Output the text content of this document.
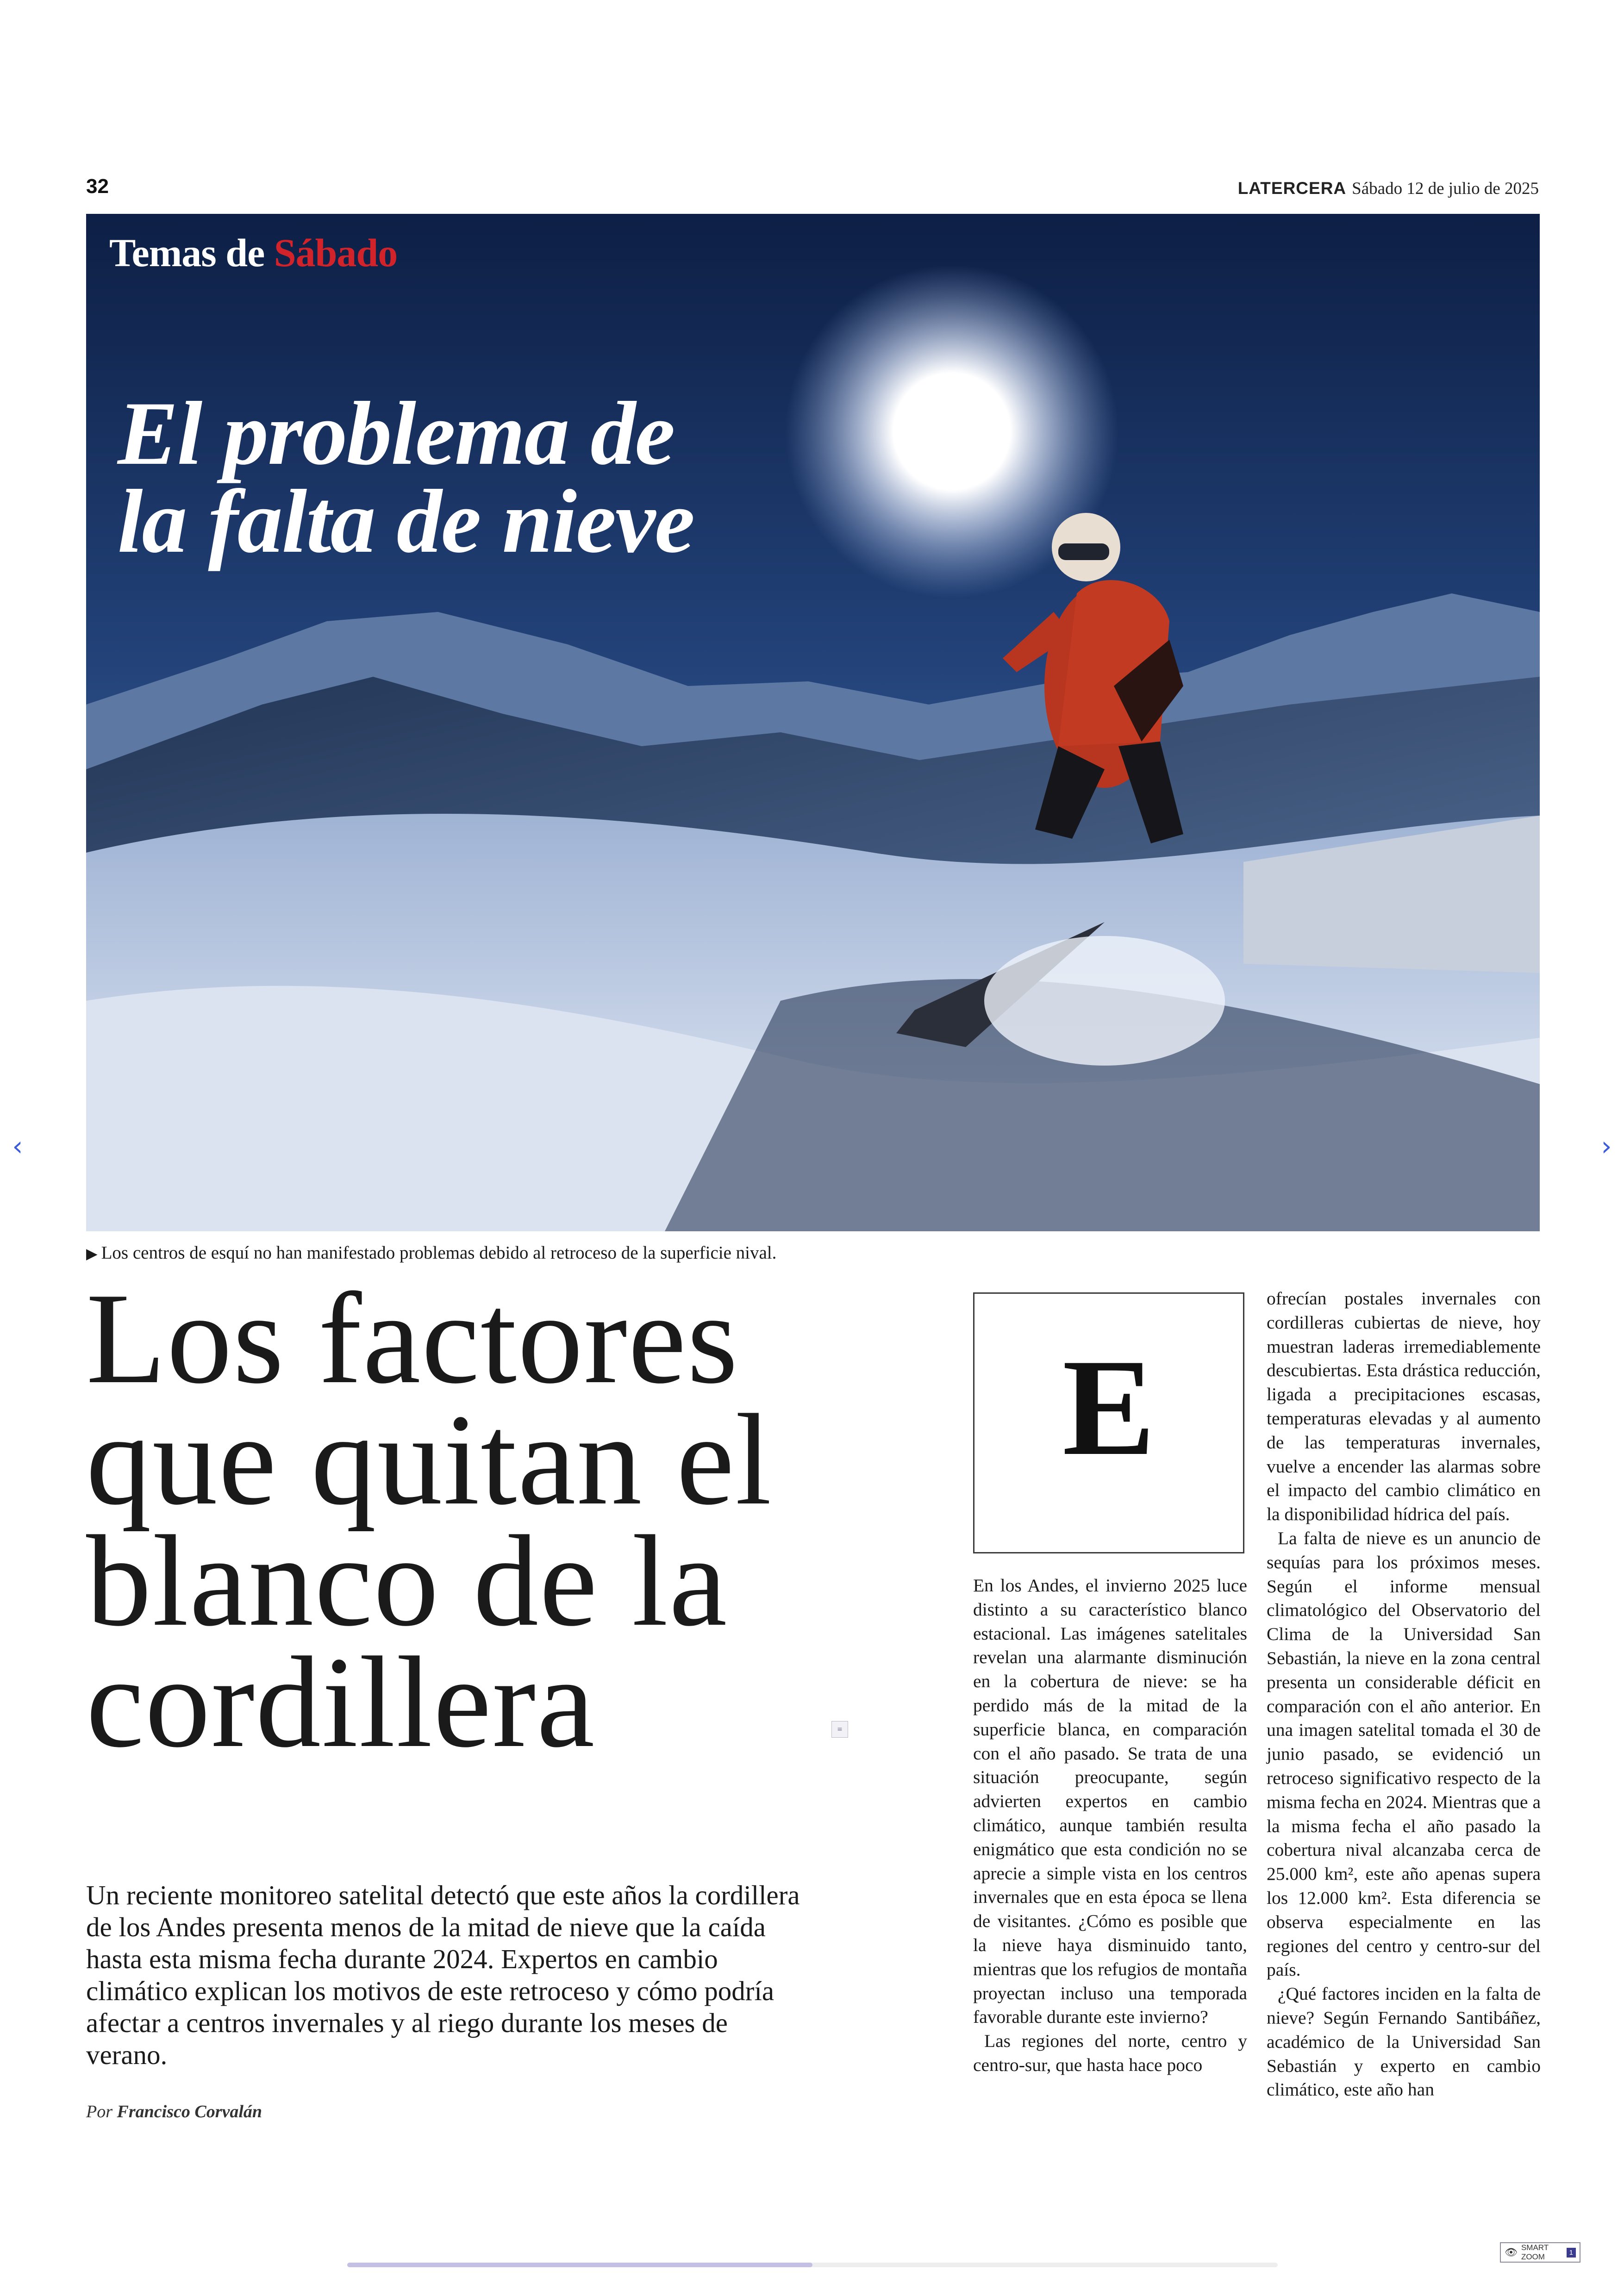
32	LATERCERA Sábado 12 de julio de 2025
Temas de Sábado
El problema de
la falta de nieve
▶ Los centros de esquí no han manifestado problemas debido al retroceso de la superficie nival.
Los factores
que quitan el
blanco de la
cordillera
Un reciente monitoreo satelital detectó que este años la cordillera de los Andes presenta menos de la mitad de nieve que la caída hasta esta misma fecha durante 2024. Expertos en cambio climático explican los motivos de este retroceso y cómo podría afectar a centros invernales y al riego durante los meses de verano.
Por Francisco Corvalán
≡
E

En los Andes, el invierno 2025 luce distinto a su característico blanco estacional. Las imágenes satelitales revelan una alarmante disminución en la cobertura de nieve: se ha perdido más de la mitad de la superficie blanca, en comparación con el año pasado. Se trata de una situación preocupante, según advierten expertos en cambio climático, aunque también resulta enigmático que esta condición no se aprecie a simple vista en los centros invernales que en esta época se llena de visitantes. ¿Cómo es posible que la nieve haya disminuido tanto, mientras que los refugios de montaña proyectan incluso una temporada favorable durante este invierno?

Las regiones del norte, centro y centro-sur, que hasta hace poco

ofrecían postales invernales con cordilleras cubiertas de nieve, hoy muestran laderas irremediablemente descubiertas. Esta drástica reducción, ligada a precipitaciones escasas, temperaturas elevadas y al aumento de las temperaturas invernales, vuelve a encender las alarmas sobre el impacto del cambio climático en la disponibilidad hídrica del país.

La falta de nieve es un anuncio de sequías para los próximos meses. Según el informe mensual climatológico del Observatorio del Clima de la Universidad San Sebastián, la nieve en la zona central presenta un considerable déficit en comparación con el año anterior. En una imagen satelital tomada el 30 de junio pasado, se evidenció un retroceso significativo respecto de la misma fecha en 2024. Mientras que a la misma fecha el año pasado la cobertura nival alcanzaba cerca de 25.000 km², este año apenas supera los 12.000 km². Esta diferencia se observa especialmente en las regiones del centro y centro-sur del país.

¿Qué factores inciden en la falta de nieve? Según Fernando Santibáñez, académico de la Universidad San Sebastián y experto en cambio climático, este año han

‹	›
👁 SMART ZOOM	1
